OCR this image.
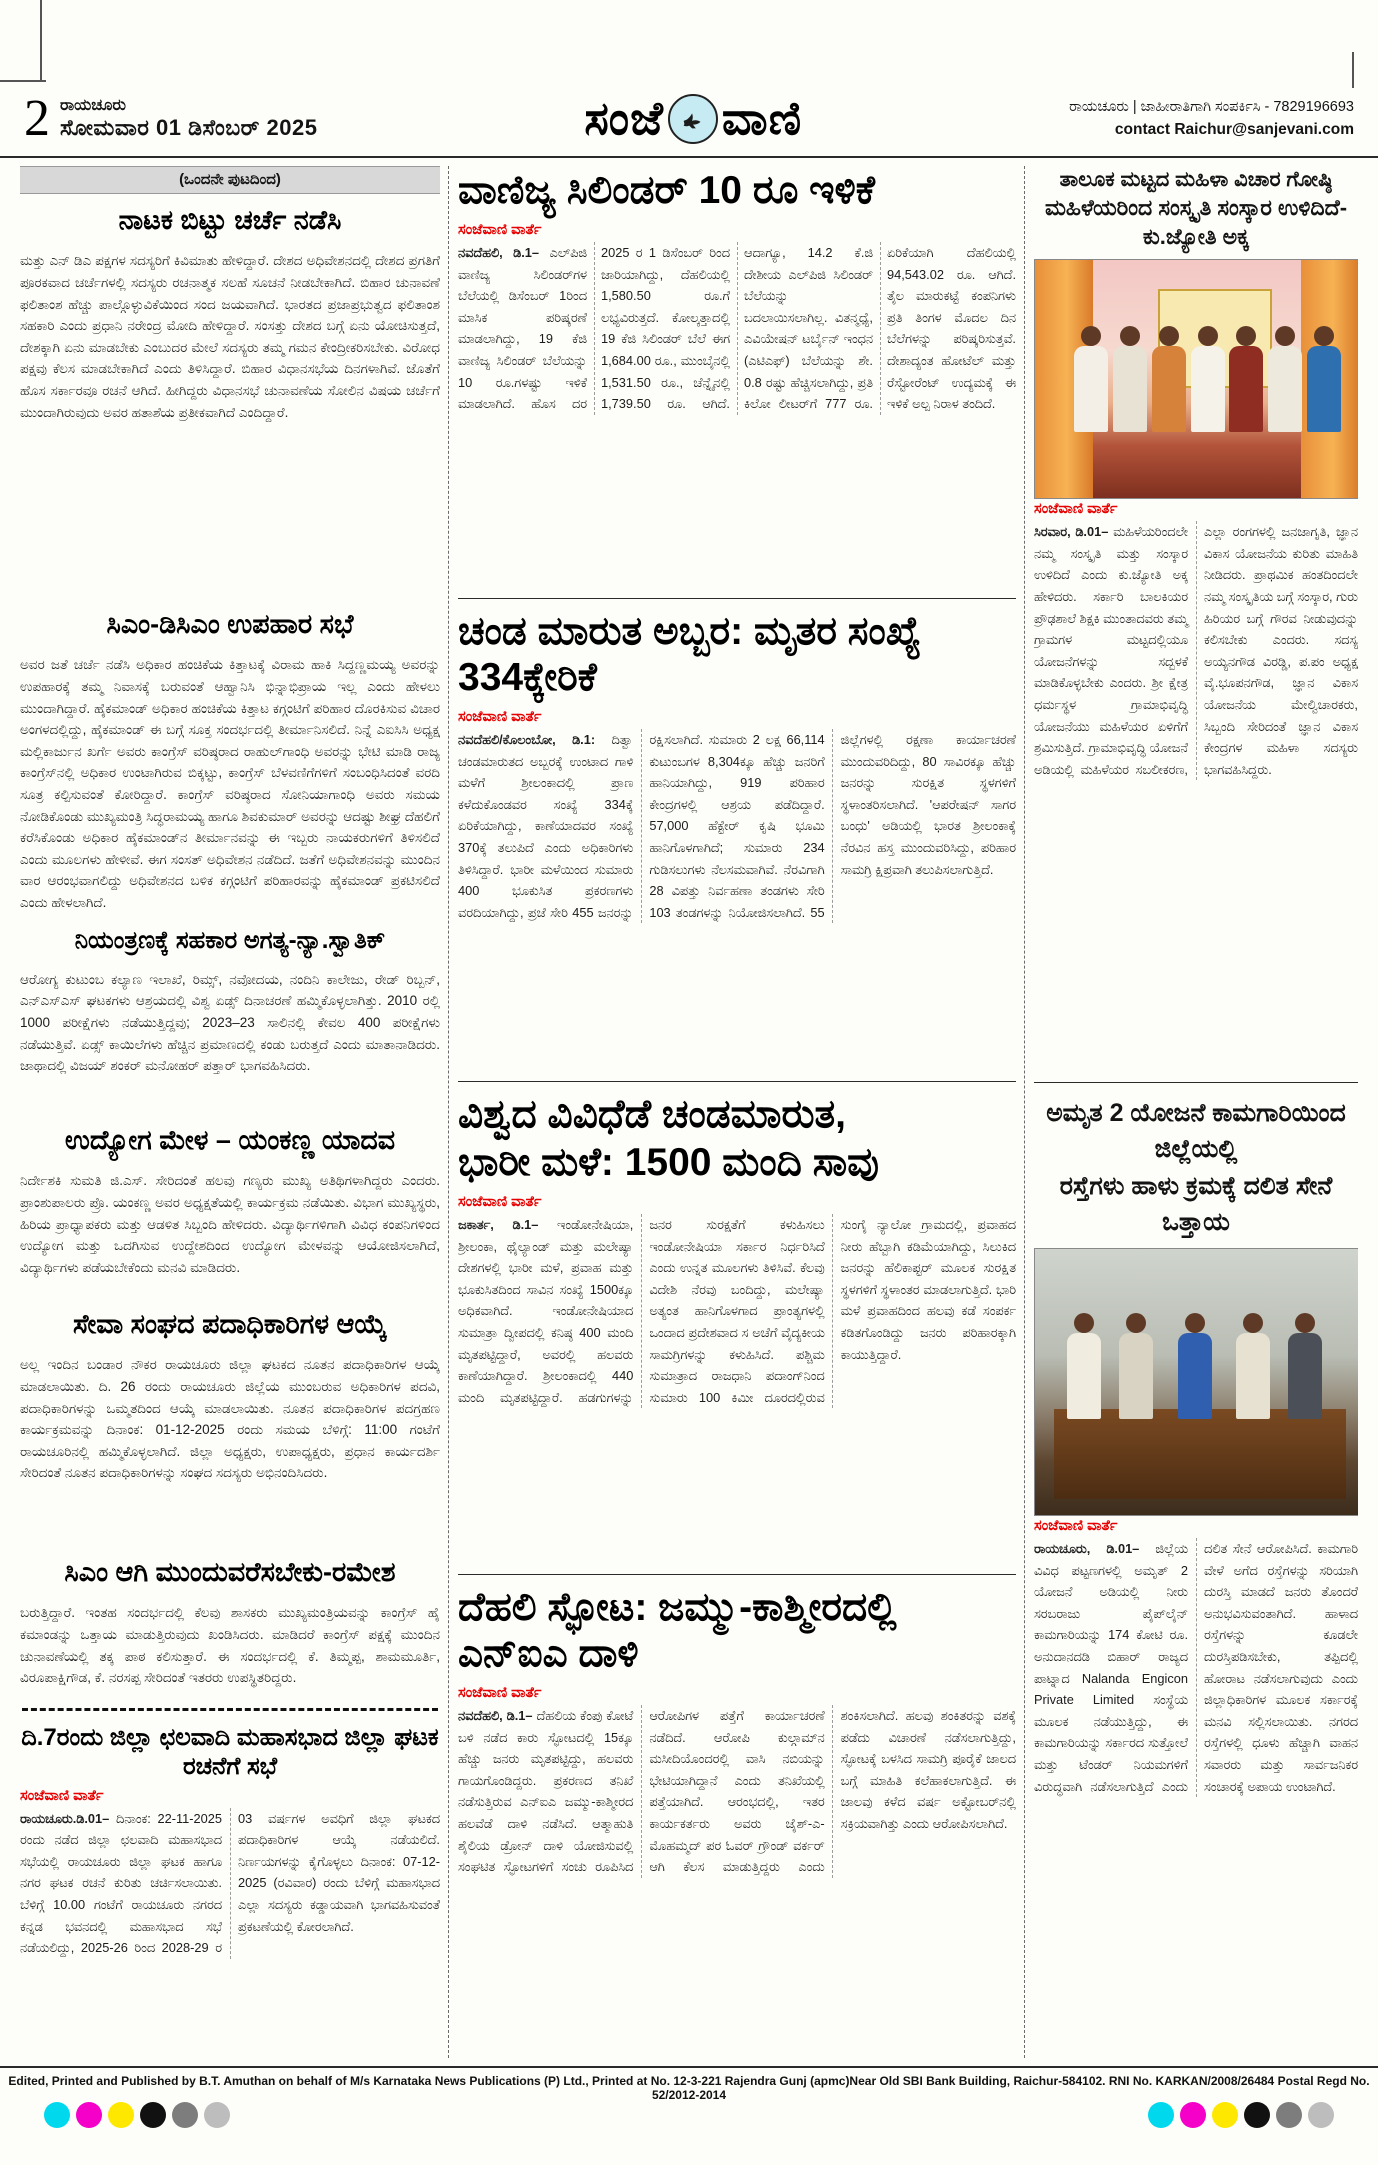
2 ರಾಯಚೂರು
ಸೋಮವಾರ 01 ಡಿಸೆಂಬರ್ 2025	ಸಂಜೆ ವಾಣಿ	ರಾಯಚೂರು | ಜಾಹೀರಾತಿಗಾಗಿ ಸಂಪರ್ಕಿಸಿ - 7829196693
contact Raichur@sanjevani.com
(ಒಂದನೇ ಪುಟದಿಂದ)
ನಾಟಕ ಬಿಟ್ಟು ಚರ್ಚೆ ನಡೆಸಿ

ಮತ್ತು ಎನ್ ಡಿಎ ಪಕ್ಷಗಳ ಸದಸ್ಯರಿಗೆ ಕಿವಿಮಾತು ಹೇಳಿದ್ದಾರೆ. ದೇಶದ ಅಧಿವೇಶನದಲ್ಲಿ ದೇಶದ ಪ್ರಗತಿಗೆ ಪೂರಕವಾದ ಚರ್ಚೆಗಳಲ್ಲಿ ಸದಸ್ಯರು ರಚನಾತ್ಮಕ ಸಲಹೆ ಸೂಚನೆ ನೀಡಬೇಕಾಗಿದೆ. ಬಿಹಾರ ಚುನಾವಣೆ ಫಲಿತಾಂಶ ಹೆಚ್ಚು ಪಾಲ್ಗೊಳ್ಳುವಿಕೆಯಿಂದ ಸಂದ ಜಯವಾಗಿದೆ. ಭಾರತದ ಪ್ರಜಾಪ್ರಭುತ್ವದ ಫಲಿತಾಂಶ ಸಹಕಾರಿ ಎಂದು ಪ್ರಧಾನಿ ನರೇಂದ್ರ ಮೋದಿ ಹೇಳಿದ್ದಾರೆ. ಸಂಸತ್ತು ದೇಶದ ಬಗ್ಗೆ ಏನು ಯೋಚಿಸುತ್ತದೆ, ದೇಶಕ್ಕಾಗಿ ಏನು ಮಾಡಬೇಕು ಎಂಬುದರ ಮೇಲೆ ಸದಸ್ಯರು ತಮ್ಮ ಗಮನ ಕೇಂದ್ರೀಕರಿಸಬೇಕು. ವಿರೋಧ ಪಕ್ಷವು ಕೆಲಸ ಮಾಡಬೇಕಾಗಿದೆ ಎಂದು ತಿಳಿಸಿದ್ದಾರೆ. ಬಿಹಾರ ವಿಧಾನಸಭೆಯ ದಿನಗಳಾಗಿವೆ. ಜೊತೆಗೆ ಹೊಸ ಸರ್ಕಾರವೂ ರಚನೆ ಆಗಿದೆ. ಹೀಗಿದ್ದರು ವಿಧಾನಸಭೆ ಚುನಾವಣೆಯ ಸೋಲಿನ ವಿಷಯ ಚರ್ಚೆಗೆ ಮುಂದಾಗಿರುವುದು ಅವರ ಹತಾಶೆಯ ಪ್ರತೀಕವಾಗಿದೆ ಎಂದಿದ್ದಾರೆ.

ಸಿಎಂ-ಡಿಸಿಎಂ ಉಪಹಾರ ಸಭೆ

ಅವರ ಜತೆ ಚರ್ಚೆ ನಡೆಸಿ ಅಧಿಕಾರ ಹಂಚಿಕೆಯ ಕಿತ್ತಾಟಕ್ಕೆ ವಿರಾಮ ಹಾಕಿ ಸಿದ್ದಣ್ಣಮಯ್ಯ ಅವರನ್ನು ಉಪಹಾರಕ್ಕೆ ತಮ್ಮ ನಿವಾಸಕ್ಕೆ ಬರುವಂತೆ ಆಹ್ವಾನಿಸಿ ಭಿನ್ನಾಭಿಪ್ರಾಯ ಇಲ್ಲ ಎಂದು ಹೇಳಲು ಮುಂದಾಗಿದ್ದಾರೆ. ಹೈಕಮಾಂಡ್ ಅಧಿಕಾರ ಹಂಚಿಕೆಯ ಕಿತ್ತಾಟ ಕಗ್ಗಂಟಿಗೆ ಪರಿಹಾರ ದೊರಕಿಸುವ ವಿಚಾರ ಅಂಗಳದಲ್ಲಿದ್ದು, ಹೈಕಮಾಂಡ್ ಈ ಬಗ್ಗೆ ಸೂಕ್ತ ಸಂದರ್ಭದಲ್ಲಿ ತೀರ್ಮಾನಿಸಲಿದೆ. ನಿನ್ನೆ ಎಐಸಿಸಿ ಅಧ್ಯಕ್ಷ ಮಲ್ಲಿಕಾರ್ಜುನ ಖರ್ಗೆ ಅವರು ಕಾಂಗ್ರೆಸ್ ವರಿಷ್ಠರಾದ ರಾಹುಲ್‌ಗಾಂಧಿ ಅವರನ್ನು ಭೇಟಿ ಮಾಡಿ ರಾಜ್ಯ ಕಾಂಗ್ರೆಸ್‌ನಲ್ಲಿ ಅಧಿಕಾರ ಉಂಟಾಗಿರುವ ಬಿಕ್ಕಟ್ಟು, ಕಾಂಗ್ರೆಸ್ ಬೆಳವಣಿಗೆಗಳಿಗೆ ಸಂಬಂಧಿಸಿದಂತೆ ವರದಿ ಸೂತ್ರ ಕಲ್ಪಿಸುವಂತೆ ಕೋರಿದ್ದಾರೆ. ಕಾಂಗ್ರೆಸ್ ವರಿಷ್ಠರಾದ ಸೋನಿಯಾಗಾಂಧಿ ಅವರು ಸಮಯ ನೋಡಿಕೊಂಡು ಮುಖ್ಯಮಂತ್ರಿ ಸಿದ್ಧರಾಮಯ್ಯ ಹಾಗೂ ಶಿವಕುಮಾರ್ ಅವರನ್ನು ಆದಷ್ಟು ಶೀಘ್ರ ದೆಹಲಿಗೆ ಕರೆಸಿಕೊಂಡು ಅಧಿಕಾರ ಹೈಕಮಾಂಡ್‌ನ ತೀರ್ಮಾನವನ್ನು ಈ ಇಬ್ಬರು ನಾಯಕರುಗಳಿಗೆ ತಿಳಿಸಲಿದೆ ಎಂದು ಮೂಲಗಳು ಹೇಳೀವೆ. ಈಗ ಸಂಸತ್ ಅಧಿವೇಶನ ನಡೆದಿದೆ. ಜತೆಗೆ ಅಧಿವೇಶನವನ್ನು ಮುಂದಿನ ವಾರ ಆರಂಭವಾಗಲಿದ್ದು ಅಧಿವೇಶನದ ಬಳಿಕ ಕಗ್ಗಂಟಿಗೆ ಪರಿಹಾರವನ್ನು ಹೈಕಮಾಂಡ್ ಪ್ರಕಟಿಸಲಿದೆ ಎಂದು ಹೇಳಲಾಗಿದೆ.

ನಿಯಂತ್ರಣಕ್ಕೆ ಸಹಕಾರ ಅಗತ್ಯ-ನ್ಯಾ.ಸ್ವಾತಿಕ್

ಆರೋಗ್ಯ ಕುಟುಂಬ ಕಲ್ಯಾಣ ಇಲಾಖೆ, ರಿಮ್ಸ್, ನವೋದಯ, ನಂದಿನಿ ಕಾಲೇಜು, ರೇಡ್ ರಿಬ್ಬನ್, ಎನ್‌ಎಸ್‌ಎಸ್ ಘಟಕಗಳು ಆಶ್ರಯದಲ್ಲಿ ವಿಶ್ವ ಏಡ್ಸ್ ದಿನಾಚರಣೆ ಹಮ್ಮಿಕೊಳ್ಳಲಾಗಿತ್ತು. 2010 ರಲ್ಲಿ 1000 ಪರೀಕ್ಷೆಗಳು ನಡೆಯುತ್ತಿದ್ದವು; 2023–23 ಸಾಲಿನಲ್ಲಿ ಕೇವಲ 400 ಪರೀಕ್ಷೆಗಳು ನಡೆಯುತ್ತಿವೆ. ಏಡ್ಸ್ ಕಾಯಿಲೆಗಳು ಹೆಚ್ಚಿನ ಪ್ರಮಾಣದಲ್ಲಿ ಕಂಡು ಬರುತ್ತದೆ ಎಂದು ಮಾತಾನಾಡಿದರು. ಜಾಥಾದಲ್ಲಿ ವಿಜಯ್ ಶಂಕರ್ ಮನೋಹರ್ ಪತ್ತಾರ್ ಭಾಗವಹಿಸಿದರು.

ಉದ್ಯೋಗ ಮೇಳ – ಯಂಕಣ್ಣ ಯಾದವ

ನಿರ್ದೇಶಕಿ ಸುಮತಿ ಜಿ.ಎಸ್. ಸೇರಿದಂತೆ ಹಲವು ಗಣ್ಯರು ಮುಖ್ಯ ಅತಿಥಿಗಳಾಗಿದ್ದರು ಎಂದರು. ಪ್ರಾಂಶುಪಾಲರು ಪ್ರೊ. ಯಂಕಣ್ಣ ಅವರ ಅಧ್ಯಕ್ಷತೆಯಲ್ಲಿ ಕಾರ್ಯಕ್ರಮ ನಡೆಯಿತು. ವಿಭಾಗ ಮುಖ್ಯಸ್ಥರು, ಹಿರಿಯ ಪ್ರಾಧ್ಯಾಪಕರು ಮತ್ತು ಆಡಳಿತ ಸಿಬ್ಬಂದಿ ಹೇಳಿದರು. ವಿದ್ಯಾರ್ಥಿಗಳಿಗಾಗಿ ವಿವಿಧ ಕಂಪನಿಗಳಿಂದ ಉದ್ಯೋಗ ಮತ್ತು ಒದಗಿಸುವ ಉದ್ದೇಶದಿಂದ ಉದ್ಯೋಗ ಮೇಳವನ್ನು ಆಯೋಜಿಸಲಾಗಿದೆ, ವಿದ್ಯಾರ್ಥಿಗಳು ಪಡೆಯಬೇಕೆಂದು ಮನವಿ ಮಾಡಿದರು.

ಸೇವಾ ಸಂಘದ ಪದಾಧಿಕಾರಿಗಳ ಆಯ್ಕೆ

ಅಲ್ಲ ಇಂದಿನ ಬಂಡಾರ ನೌಕರ ರಾಯಚೂರು ಜಿಲ್ಲಾ ಘಟಕದ ನೂತನ ಪದಾಧಿಕಾರಿಗಳ ಆಯ್ಕೆ ಮಾಡಲಾಯಿತು. ದಿ. 26 ರಂದು ರಾಯಚೂರು ಜಿಲ್ಲೆಯ ಮುಂಬರುವ ಅಧಿಕಾರಿಗಳ ಪದವಿ, ಪದಾಧಿಕಾರಿಗಳನ್ನು ಒಮ್ಮತದಿಂದ ಆಯ್ಕೆ ಮಾಡಲಾಯಿತು. ನೂತನ ಪದಾಧಿಕಾರಿಗಳ ಪದಗ್ರಹಣ ಕಾರ್ಯಕ್ರಮವನ್ನು ದಿನಾಂಕ: 01-12-2025 ರಂದು ಸಮಯ ಬೆಳಿಗ್ಗೆ: 11:00 ಗಂಟೆಗೆ ರಾಯಚೂರಿನಲ್ಲಿ ಹಮ್ಮಿಕೊಳ್ಳಲಾಗಿದೆ. ಜಿಲ್ಲಾ ಅಧ್ಯಕ್ಷರು, ಉಪಾಧ್ಯಕ್ಷರು, ಪ್ರಧಾನ ಕಾರ್ಯದರ್ಶಿ ಸೇರಿದಂತೆ ನೂತನ ಪದಾಧಿಕಾರಿಗಳನ್ನು ಸಂಘದ ಸದಸ್ಯರು ಅಭಿನಂದಿಸಿದರು.

ಸಿಎಂ ಆಗಿ ಮುಂದುವರೆಸಬೇಕು-ರಮೇಶ

ಬರುತ್ತಿದ್ದಾರೆ. ಇಂತಹ ಸಂದರ್ಭದಲ್ಲಿ ಕೆಲವು ಶಾಸಕರು ಮುಖ್ಯಮಂತ್ರಿಯವನ್ನು ಕಾಂಗ್ರೆಸ್ ಹೈ ಕಮಾಂಡನ್ನು ಒತ್ತಾಯ ಮಾಡುತ್ತಿರುವುದು ಖಂಡಿಸಿದರು. ಮಾಡಿದರೆ ಕಾಂಗ್ರೆಸ್ ಪಕ್ಷಕ್ಕೆ ಮುಂದಿನ ಚುನಾವಣೆಯಲ್ಲಿ ತಕ್ಕ ಪಾಠ ಕಲಿಸುತ್ತಾರೆ. ಈ ಸಂದರ್ಭದಲ್ಲಿ ಕೆ. ತಿಮ್ಮಪ್ಪ, ಶಾಮಮೂರ್ತಿ, ವಿರೂಪಾಕ್ಷಿಗೌಡ, ಕೆ. ನರಸಪ್ಪ ಸೇರಿದಂತೆ ಇತರರು ಉಪಸ್ಥಿತರಿದ್ದರು.

ದಿ.7ರಂದು ಜಿಲ್ಲಾ ಛಲವಾದಿ ಮಹಾಸಭಾದ ಜಿಲ್ಲಾ ಘಟಕ ರಚನೆಗೆ ಸಭೆ
ಸಂಜೆವಾಣಿ ವಾರ್ತೆ
ರಾಯಚೂರು.ಡಿ.01– ದಿನಾಂಕ: 22-11-2025 ರಂದು ನಡೆದ ಜಿಲ್ಲಾ ಛಲವಾದಿ ಮಹಾಸಭಾದ ಸಭೆಯಲ್ಲಿ ರಾಯಚೂರು ಜಿಲ್ಲಾ ಘಟಕ ಹಾಗೂ ನಗರ ಘಟಕ ರಚನೆ ಕುರಿತು ಚರ್ಚಿಸಲಾಯಿತು. ಬೆಳಿಗ್ಗೆ 10.00 ಗಂಟೆಗೆ ರಾಯಚೂರು ನಗರದ ಕನ್ನಡ ಭವನದಲ್ಲಿ ಮಹಾಸಭಾದ ಸಭೆ ನಡೆಯಲಿದ್ದು, 2025-26 ರಿಂದ 2028-29 ರ 03 ವರ್ಷಗಳ ಅವಧಿಗೆ ಜಿಲ್ಲಾ ಘಟಕದ ಪದಾಧಿಕಾರಿಗಳ ಆಯ್ಕೆ ನಡೆಯಲಿದೆ. ನಿರ್ಣಯಗಳನ್ನು ಕೈಗೊಳ್ಳಲು ದಿನಾಂಕ: 07-12-2025 (ರವಿವಾರ) ರಂದು ಬೆಳಿಗ್ಗೆ ಮಹಾಸಭಾದ ಎಲ್ಲಾ ಸದಸ್ಯರು ಕಡ್ಡಾಯವಾಗಿ ಭಾಗವಹಿಸುವಂತೆ ಪ್ರಕಟಣೆಯಲ್ಲಿ ಕೋರಲಾಗಿದೆ.
ವಾಣಿಜ್ಯ ಸಿಲಿಂಡರ್ 10 ರೂ ಇಳಿಕೆ
ಸಂಜೆವಾಣಿ ವಾರ್ತೆ
ನವದೆಹಲಿ, ಡಿ.1– ಎಲ್‌ಪಿಜಿ ವಾಣಿಜ್ಯ ಸಿಲಿಂಡರ್‌ಗಳ ಬೆಲೆಯಲ್ಲಿ ಡಿಸೆಂಬರ್ 1ರಿಂದ ಮಾಸಿಕ ಪರಿಷ್ಕರಣೆ ಮಾಡಲಾಗಿದ್ದು, 19 ಕೆಜಿ ವಾಣಿಜ್ಯ ಸಿಲಿಂಡರ್ ಬೆಲೆಯನ್ನು 10 ರೂ.ಗಳಷ್ಟು ಇಳಿಕೆ ಮಾಡಲಾಗಿದೆ. ಹೊಸ ದರ 2025 ರ 1 ಡಿಸೆಂಬರ್ ರಿಂದ ಜಾರಿಯಾಗಿದ್ದು, ದೆಹಲಿಯಲ್ಲಿ 1,580.50 ರೂ.ಗೆ ಲಭ್ಯವಿರುತ್ತದೆ. ಕೋಲ್ಕತ್ತಾದಲ್ಲಿ 19 ಕೆಜಿ ಸಿಲಿಂಡರ್ ಬೆಲೆ ಈಗ 1,684.00 ರೂ., ಮುಂಬೈನಲ್ಲಿ 1,531.50 ರೂ., ಚೆನ್ನೈನಲ್ಲಿ 1,739.50 ರೂ. ಆಗಿದೆ. ಆದಾಗ್ಯೂ, 14.2 ಕೆ.ಜಿ ದೇಶೀಯ ಎಲ್‌ಪಿಜಿ ಸಿಲಿಂಡರ್ ಬೆಲೆಯನ್ನು ಬದಲಾಯಿಸಲಾಗಿಲ್ಲ. ವಿತನ್ಮಧ್ಯೆ, ಎವಿಯೇಷನ್ ಟರ್ಬೈನ್ ಇಂಧನ (ಎಟಿಎಫ್) ಬೆಲೆಯನ್ನು ಶೇ. 0.8 ರಷ್ಟು ಹೆಚ್ಚಿಸಲಾಗಿದ್ದು, ಪ್ರತಿ ಕಿಲೋ ಲೀಟರ್‌ಗೆ 777 ರೂ. ಏರಿಕೆಯಾಗಿ ದೆಹಲಿಯಲ್ಲಿ 94,543.02 ರೂ. ಆಗಿದೆ. ತೈಲ ಮಾರುಕಟ್ಟೆ ಕಂಪನಿಗಳು ಪ್ರತಿ ತಿಂಗಳ ಮೊದಲ ದಿನ ಬೆಲೆಗಳನ್ನು ಪರಿಷ್ಕರಿಸುತ್ತವೆ. ದೇಶಾದ್ಯಂತ ಹೋಟೆಲ್ ಮತ್ತು ರೆಸ್ಟೋರೆಂಟ್ ಉದ್ಯಮಕ್ಕೆ ಈ ಇಳಿಕೆ ಅಲ್ಪ ನಿರಾಳ ತಂದಿದೆ.
ಚಂಡ ಮಾರುತ ಅಬ್ಬರ: ಮೃತರ ಸಂಖ್ಯೆ 334ಕ್ಕೇರಿಕೆ
ಸಂಜೆವಾಣಿ ವಾರ್ತೆ
ನವದೆಹಲಿ/ಕೊಲಂಬೋ, ಡಿ.1: ದಿತ್ವಾ ಚಂಡಮಾರುತದ ಅಬ್ಬರಕ್ಕೆ ಉಂಟಾದ ಗಾಳಿ ಮಳೆಗೆ ಶ್ರೀಲಂಕಾದಲ್ಲಿ ಪ್ರಾಣ ಕಳೆದುಕೊಂಡವರ ಸಂಖ್ಯೆ 334ಕ್ಕೆ ಏರಿಕೆಯಾಗಿದ್ದು, ಕಾಣೆಯಾದವರ ಸಂಖ್ಯೆ 370ಕ್ಕೆ ತಲುಪಿದೆ ಎಂದು ಅಧಿಕಾರಿಗಳು ತಿಳಿಸಿದ್ದಾರೆ. ಭಾರೀ ಮಳೆಯಿಂದ ಸುಮಾರು 400 ಭೂಕುಸಿತ ಪ್ರಕರಣಗಳು ವರದಿಯಾಗಿದ್ದು, ಪ್ರಜೆ ಸೇರಿ 455 ಜನರನ್ನು ರಕ್ಷಿಸಲಾಗಿದೆ. ಸುಮಾರು 2 ಲಕ್ಷ 66,114 ಕುಟುಂಬಗಳ 8,304ಕ್ಕೂ ಹೆಚ್ಚು ಜನರಿಗೆ ಹಾನಿಯಾಗಿದ್ದು, 919 ಪರಿಹಾರ ಕೇಂದ್ರಗಳಲ್ಲಿ ಆಶ್ರಯ ಪಡೆದಿದ್ದಾರೆ. 57,000 ಹೆಕ್ಟೇರ್ ಕೃಷಿ ಭೂಮಿ ಹಾನಿಗೊಳಗಾಗಿದೆ; ಸುಮಾರು 234 ಗುಡಿಸಲುಗಳು ನೆಲಸಮವಾಗಿವೆ. ನೆರವಿಗಾಗಿ 28 ವಿಪತ್ತು ನಿರ್ವಹಣಾ ತಂಡಗಳು ಸೇರಿ 103 ತಂಡಗಳನ್ನು ನಿಯೋಜಿಸಲಾಗಿದೆ. 55 ಜಿಲ್ಲೆಗಳಲ್ಲಿ ರಕ್ಷಣಾ ಕಾರ್ಯಾಚರಣೆ ಮುಂದುವರಿದಿದ್ದು, 80 ಸಾವಿರಕ್ಕೂ ಹೆಚ್ಚು ಜನರನ್ನು ಸುರಕ್ಷಿತ ಸ್ಥಳಗಳಿಗೆ ಸ್ಥಳಾಂತರಿಸಲಾಗಿದೆ. 'ಆಪರೇಷನ್ ಸಾಗರ ಬಂಧು' ಅಡಿಯಲ್ಲಿ ಭಾರತ ಶ್ರೀಲಂಕಾಕ್ಕೆ ನೆರವಿನ ಹಸ್ತ ಮುಂದುವರಿಸಿದ್ದು, ಪರಿಹಾರ ಸಾಮಗ್ರಿ ಕ್ಷಿಪ್ರವಾಗಿ ತಲುಪಿಸಲಾಗುತ್ತಿದೆ.
ವಿಶ್ವದ ವಿವಿಧೆಡೆ ಚಂಡಮಾರುತ,
ಭಾರೀ ಮಳೆ: 1500 ಮಂದಿ ಸಾವು
ಸಂಜೆವಾಣಿ ವಾರ್ತೆ
ಜಕಾರ್ತ, ಡಿ.1– ಇಂಡೋನೇಷಿಯಾ, ಶ್ರೀಲಂಕಾ, ಥೈಲ್ಯಾಂಡ್ ಮತ್ತು ಮಲೇಷ್ಯಾ ದೇಶಗಳಲ್ಲಿ ಭಾರೀ ಮಳೆ, ಪ್ರವಾಹ ಮತ್ತು ಭೂಕುಸಿತದಿಂದ ಸಾವಿನ ಸಂಖ್ಯೆ 1500ಕ್ಕೂ ಅಧಿಕವಾಗಿದೆ. ಇಂಡೋನೇಷಿಯಾದ ಸುಮಾತ್ರಾ ದ್ವೀಪದಲ್ಲಿ ಕನಿಷ್ಠ 400 ಮಂದಿ ಮೃತಪಟ್ಟಿದ್ದಾರೆ, ಅವರಲ್ಲಿ ಹಲವರು ಕಾಣೆಯಾಗಿದ್ದಾರೆ. ಶ್ರೀಲಂಕಾದಲ್ಲಿ 440 ಮಂದಿ ಮೃತಪಟ್ಟಿದ್ದಾರೆ. ಹಡಗುಗಳನ್ನು ಜನರ ಸುರಕ್ಷತೆಗೆ ಕಳುಹಿಸಲು ಇಂಡೋನೇಷಿಯಾ ಸರ್ಕಾರ ನಿರ್ಧರಿಸಿದೆ ಎಂದು ಉನ್ನತ ಮೂಲಗಳು ತಿಳಿಸಿವೆ. ಕೆಲವು ವಿದೇಶಿ ನೆರವು ಬಂದಿದ್ದು, ಮಲೇಷ್ಯಾ ಅತ್ಯಂತ ಹಾನಿಗೊಳಗಾದ ಪ್ರಾಂತ್ಯಗಳಲ್ಲಿ ಒಂದಾದ ಪ್ರದೇಶವಾದ ಸ ಅಚೆಗೆ ವೈದ್ಯಕೀಯ ಸಾಮಗ್ರಿಗಳನ್ನು ಕಳುಹಿಸಿದೆ. ಪಶ್ಚಿಮ ಸುಮಾತ್ರಾದ ರಾಜಧಾನಿ ಪದಾಂಗ್‌ನಿಂದ ಸುಮಾರು 100 ಕಿಮೀ ದೂರದಲ್ಲಿರುವ ಸುಂಗೈ ನ್ಯಾಲೋ ಗ್ರಾಮದಲ್ಲಿ, ಪ್ರವಾಹದ ನೀರು ಹೆಬ್ಬಾಗಿ ಕಡಿಮೆಯಾಗಿದ್ದು, ಸಿಲುಕಿದ ಜನರನ್ನು ಹೆಲಿಕಾಪ್ಟರ್ ಮೂಲಕ ಸುರಕ್ಷಿತ ಸ್ಥಳಗಳಿಗೆ ಸ್ಥಳಾಂತರ ಮಾಡಲಾಗುತ್ತಿದೆ. ಭಾರಿ ಮಳೆ ಪ್ರವಾಹದಿಂದ ಹಲವು ಕಡೆ ಸಂಪರ್ಕ ಕಡಿತಗೊಂಡಿದ್ದು ಜನರು ಪರಿಹಾರಕ್ಕಾಗಿ ಕಾಯುತ್ತಿದ್ದಾರೆ.
ದೆಹಲಿ ಸ್ಫೋಟ: ಜಮ್ಮು-ಕಾಶ್ಮೀರದಲ್ಲಿ ಎನ್ಐಎ ದಾಳಿ
ಸಂಜೆವಾಣಿ ವಾರ್ತೆ
ನವದೆಹಲಿ, ಡಿ.1– ದೆಹಲಿಯ ಕೆಂಪು ಕೋಟೆ ಬಳಿ ನಡೆದ ಕಾರು ಸ್ಫೋಟದಲ್ಲಿ 15ಕ್ಕೂ ಹೆಚ್ಚು ಜನರು ಮೃತಪಟ್ಟಿದ್ದು, ಹಲವರು ಗಾಯಗೊಂಡಿದ್ದರು. ಪ್ರಕರಣದ ತನಿಖೆ ನಡೆಸುತ್ತಿರುವ ಎನ್‌ಐಎ ಜಮ್ಮು-ಕಾಶ್ಮೀರದ ಹಲವೆಡೆ ದಾಳಿ ನಡೆಸಿದೆ. ಆತ್ಮಾಹುತಿ ಶೈಲಿಯ ಡ್ರೋನ್ ದಾಳಿ ಯೋಜಿಸುವಲ್ಲಿ ಸಂಘಟಿತ ಸ್ಫೋಟಗಳಿಗೆ ಸಂಚು ರೂಪಿಸಿದ ಆರೋಪಿಗಳ ಪತ್ತೆಗೆ ಕಾರ್ಯಾಚರಣೆ ನಡೆದಿದೆ. ಆರೋಪಿ ಕುಲ್ಗಾಮ್‌ನ ಮಸೀದಿಯೊಂದರಲ್ಲಿ ವಾಸಿ ನಬಿಯನ್ನು ಭೇಟಿಯಾಗಿದ್ದಾನೆ ಎಂದು ತನಿಖೆಯಲ್ಲಿ ಪತ್ತೆಯಾಗಿದೆ. ಆರಂಭದಲ್ಲಿ, ಇತರ ಕಾರ್ಯಕರ್ತರು ಅವರು ಜೈಶ್-ಎ-ಮೊಹಮ್ಮದ್ ಪರ ಓವರ್ ಗ್ರೌಂಡ್ ವರ್ಕರ್ ಆಗಿ ಕೆಲಸ ಮಾಡುತ್ತಿದ್ದರು ಎಂದು ಶಂಕಿಸಲಾಗಿದೆ. ಹಲವು ಶಂಕಿತರನ್ನು ವಶಕ್ಕೆ ಪಡೆದು ವಿಚಾರಣೆ ನಡೆಸಲಾಗುತ್ತಿದ್ದು, ಸ್ಫೋಟಕ್ಕೆ ಬಳಸಿದ ಸಾಮಗ್ರಿ ಪೂರೈಕೆ ಜಾಲದ ಬಗ್ಗೆ ಮಾಹಿತಿ ಕಲೆಹಾಕಲಾಗುತ್ತಿದೆ. ಈ ಜಾಲವು ಕಳೆದ ವರ್ಷ ಅಕ್ಟೋಬರ್‌ನಲ್ಲಿ ಸಕ್ರಿಯವಾಗಿತ್ತು ಎಂದು ಆರೋಪಿಸಲಾಗಿದೆ.
ತಾಲೂಕ ಮಟ್ಟದ ಮಹಿಳಾ ವಿಚಾರ ಗೋಷ್ಠಿ
ಮಹಿಳೆಯರಿಂದ ಸಂಸ್ಕೃತಿ ಸಂಸ್ಕಾರ ಉಳಿದಿದೆ-ಕು.ಜ್ಯೋತಿ ಅಕ್ಕ
ಸಂಜೆವಾಣಿ ವಾರ್ತೆ
ಸಿರವಾರ, ಡಿ.01– ಮಹಿಳೆಯರಿಂದಲೇ ನಮ್ಮ ಸಂಸ್ಕೃತಿ ಮತ್ತು ಸಂಸ್ಕಾರ ಉಳಿದಿದೆ ಎಂದು ಕು.ಜ್ಯೋತಿ ಅಕ್ಕ ಹೇಳಿದರು. ಸರ್ಕಾರಿ ಬಾಲಕಿಯರ ಪ್ರೌಢಶಾಲೆ ಶಿಕ್ಷಕಿ ಮುಂತಾದವರು ತಮ್ಮ ಗ್ರಾಮಗಳ ಮಟ್ಟದಲ್ಲಿಯೂ ಯೋಜನೆಗಳನ್ನು ಸದ್ಬಳಕೆ ಮಾಡಿಕೊಳ್ಳಬೇಕು ಎಂದರು. ಶ್ರೀ ಕ್ಷೇತ್ರ ಧರ್ಮಸ್ಥಳ ಗ್ರಾಮಾಭಿವೃದ್ಧಿ ಯೋಜನೆಯು ಮಹಿಳೆಯರ ಏಳಿಗೆಗೆ ಶ್ರಮಿಸುತ್ತಿದೆ. ಗ್ರಾಮಾಭಿವೃದ್ಧಿ ಯೋಜನೆ ಅಡಿಯಲ್ಲಿ ಮಹಿಳೆಯರ ಸಬಲೀಕರಣ, ಎಲ್ಲಾ ರಂಗಗಳಲ್ಲಿ ಜನಜಾಗೃತಿ, ಜ್ಞಾನ ವಿಕಾಸ ಯೋಜನೆಯ ಕುರಿತು ಮಾಹಿತಿ ನೀಡಿದರು. ಪ್ರಾಥಮಿಕ ಹಂತದಿಂದಲೇ ನಮ್ಮ ಸಂಸ್ಕೃತಿಯ ಬಗ್ಗೆ ಸಂಸ್ಕಾರ, ಗುರು ಹಿರಿಯರ ಬಗ್ಗೆ ಗೌರವ ನೀಡುವುದನ್ನು ಕಲಿಸಬೇಕು ಎಂದರು. ಸದಸ್ಯ ಅಯ್ಯನಗೌಡ ವಿರಡ್ಡಿ, ಪ.ಪಂ ಅಧ್ಯಕ್ಷ ವೈ.ಭೂಪನಗೌಡ, ಜ್ಞಾನ ವಿಕಾಸ ಯೋಜನೆಯ ಮೇಲ್ವಿಚಾರಕರು, ಸಿಬ್ಬಂದಿ ಸೇರಿದಂತೆ ಜ್ಞಾನ ವಿಕಾಸ ಕೇಂದ್ರಗಳ ಮಹಿಳಾ ಸದಸ್ಯರು ಭಾಗವಹಿಸಿದ್ದರು.
ಅಮೃತ 2 ಯೋಜನೆ ಕಾಮಗಾರಿಯಿಂದ ಜಿಲ್ಲೆಯಲ್ಲಿ
ರಸ್ತೆಗಳು ಹಾಳು ಕ್ರಮಕ್ಕೆ ದಲಿತ ಸೇನೆ ಒತ್ತಾಯ
ಸಂಜೆವಾಣಿ ವಾರ್ತೆ
ರಾಯಚೂರು, ಡಿ.01– ಜಿಲ್ಲೆಯ ವಿವಿಧ ಪಟ್ಟಣಗಳಲ್ಲಿ ಅಮೃತ್ 2 ಯೋಜನೆ ಅಡಿಯಲ್ಲಿ ನೀರು ಸರಬರಾಜು ಪೈಪ್‌ಲೈನ್ ಕಾಮಗಾರಿಯನ್ನು 174 ಕೋಟಿ ರೂ. ಅನುದಾನದಡಿ ಬಿಹಾರ್ ರಾಜ್ಯದ ಪಾಟ್ನಾದ Nalanda Engicon Private Limited ಸಂಸ್ಥೆಯ ಮೂಲಕ ನಡೆಯುತ್ತಿದ್ದು, ಈ ಕಾಮಗಾರಿಯನ್ನು ಸರ್ಕಾರದ ಸುತ್ತೋಲೆ ಮತ್ತು ಟೆಂಡರ್ ನಿಯಮಗಳಿಗೆ ವಿರುದ್ಧವಾಗಿ ನಡೆಸಲಾಗುತ್ತಿದೆ ಎಂದು ದಲಿತ ಸೇನೆ ಆರೋಪಿಸಿದೆ. ಕಾಮಗಾರಿ ವೇಳೆ ಅಗೆದ ರಸ್ತೆಗಳನ್ನು ಸರಿಯಾಗಿ ದುರಸ್ತಿ ಮಾಡದೆ ಜನರು ತೊಂದರೆ ಅನುಭವಿಸುವಂತಾಗಿದೆ. ಹಾಳಾದ ರಸ್ತೆಗಳನ್ನು ಕೂಡಲೇ ದುರಸ್ತಿಪಡಿಸಬೇಕು, ತಪ್ಪಿದಲ್ಲಿ ಹೋರಾಟ ನಡೆಸಲಾಗುವುದು ಎಂದು ಜಿಲ್ಲಾಧಿಕಾರಿಗಳ ಮೂಲಕ ಸರ್ಕಾರಕ್ಕೆ ಮನವಿ ಸಲ್ಲಿಸಲಾಯಿತು. ನಗರದ ರಸ್ತೆಗಳಲ್ಲಿ ಧೂಳು ಹೆಚ್ಚಾಗಿ ವಾಹನ ಸವಾರರು ಮತ್ತು ಸಾರ್ವಜನಿಕರ ಸಂಚಾರಕ್ಕೆ ಅಪಾಯ ಉಂಟಾಗಿದೆ.
Edited, Printed and Published by B.T. Amuthan on behalf of M/s Karnataka News Publications (P) Ltd., Printed at No. 12-3-221 Rajendra Gunj (apmc)Near Old SBI Bank Building, Raichur-584102. RNI No. KARKAN/2008/26484 Postal Regd No. 52/2012-2014
